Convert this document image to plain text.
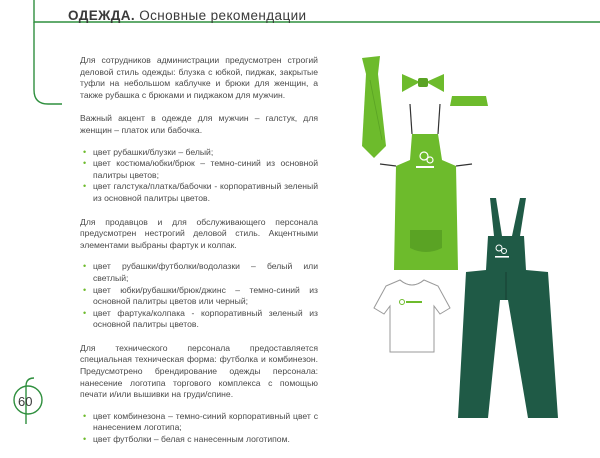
ОДЕЖДА. Основные рекомендации

Для сотрудников администрации предусмотрен строгий деловой стиль одежды: блузка с юбкой, пиджак, закрытые туфли на небольшом каблучке и брюки для женщин, а также рубашка с брюками и пиджаком для мужчин.

Важный акцент в одежде для мужчин – галстук, для женщин – платок или бабочка.

• цвет рубашки/блузки – белый;
• цвет костюма/юбки/брюк – темно-синий из основной палитры цветов;
• цвет галстука/платка/бабочки - корпоративный зеленый из основной палитры цветов.

Для продавцов и для обслуживающего персонала предусмотрен нестрогий деловой стиль. Акцентными элементами выбраны фартук и колпак.

• цвет рубашки/футболки/водолазки – белый или светлый;
• цвет юбки/рубашки/брюк/джинс – темно-синий из основной палитры цветов или черный;
• цвет фартука/колпака - корпоративный зеленый из основной палитры цветов.

Для технического персонала предоставляется специальная техническая форма: футболка и комбинезон. Предусмотрено брендирование одежды персонала: нанесение логотипа торгового комплекса с помощью печати и/или вышивки на груди/спине.

• цвет комбинезона – темно-синий корпоративный цвет с нанесением логотипа;
• цвет футболки – белая с нанесенным логотипом.
60
